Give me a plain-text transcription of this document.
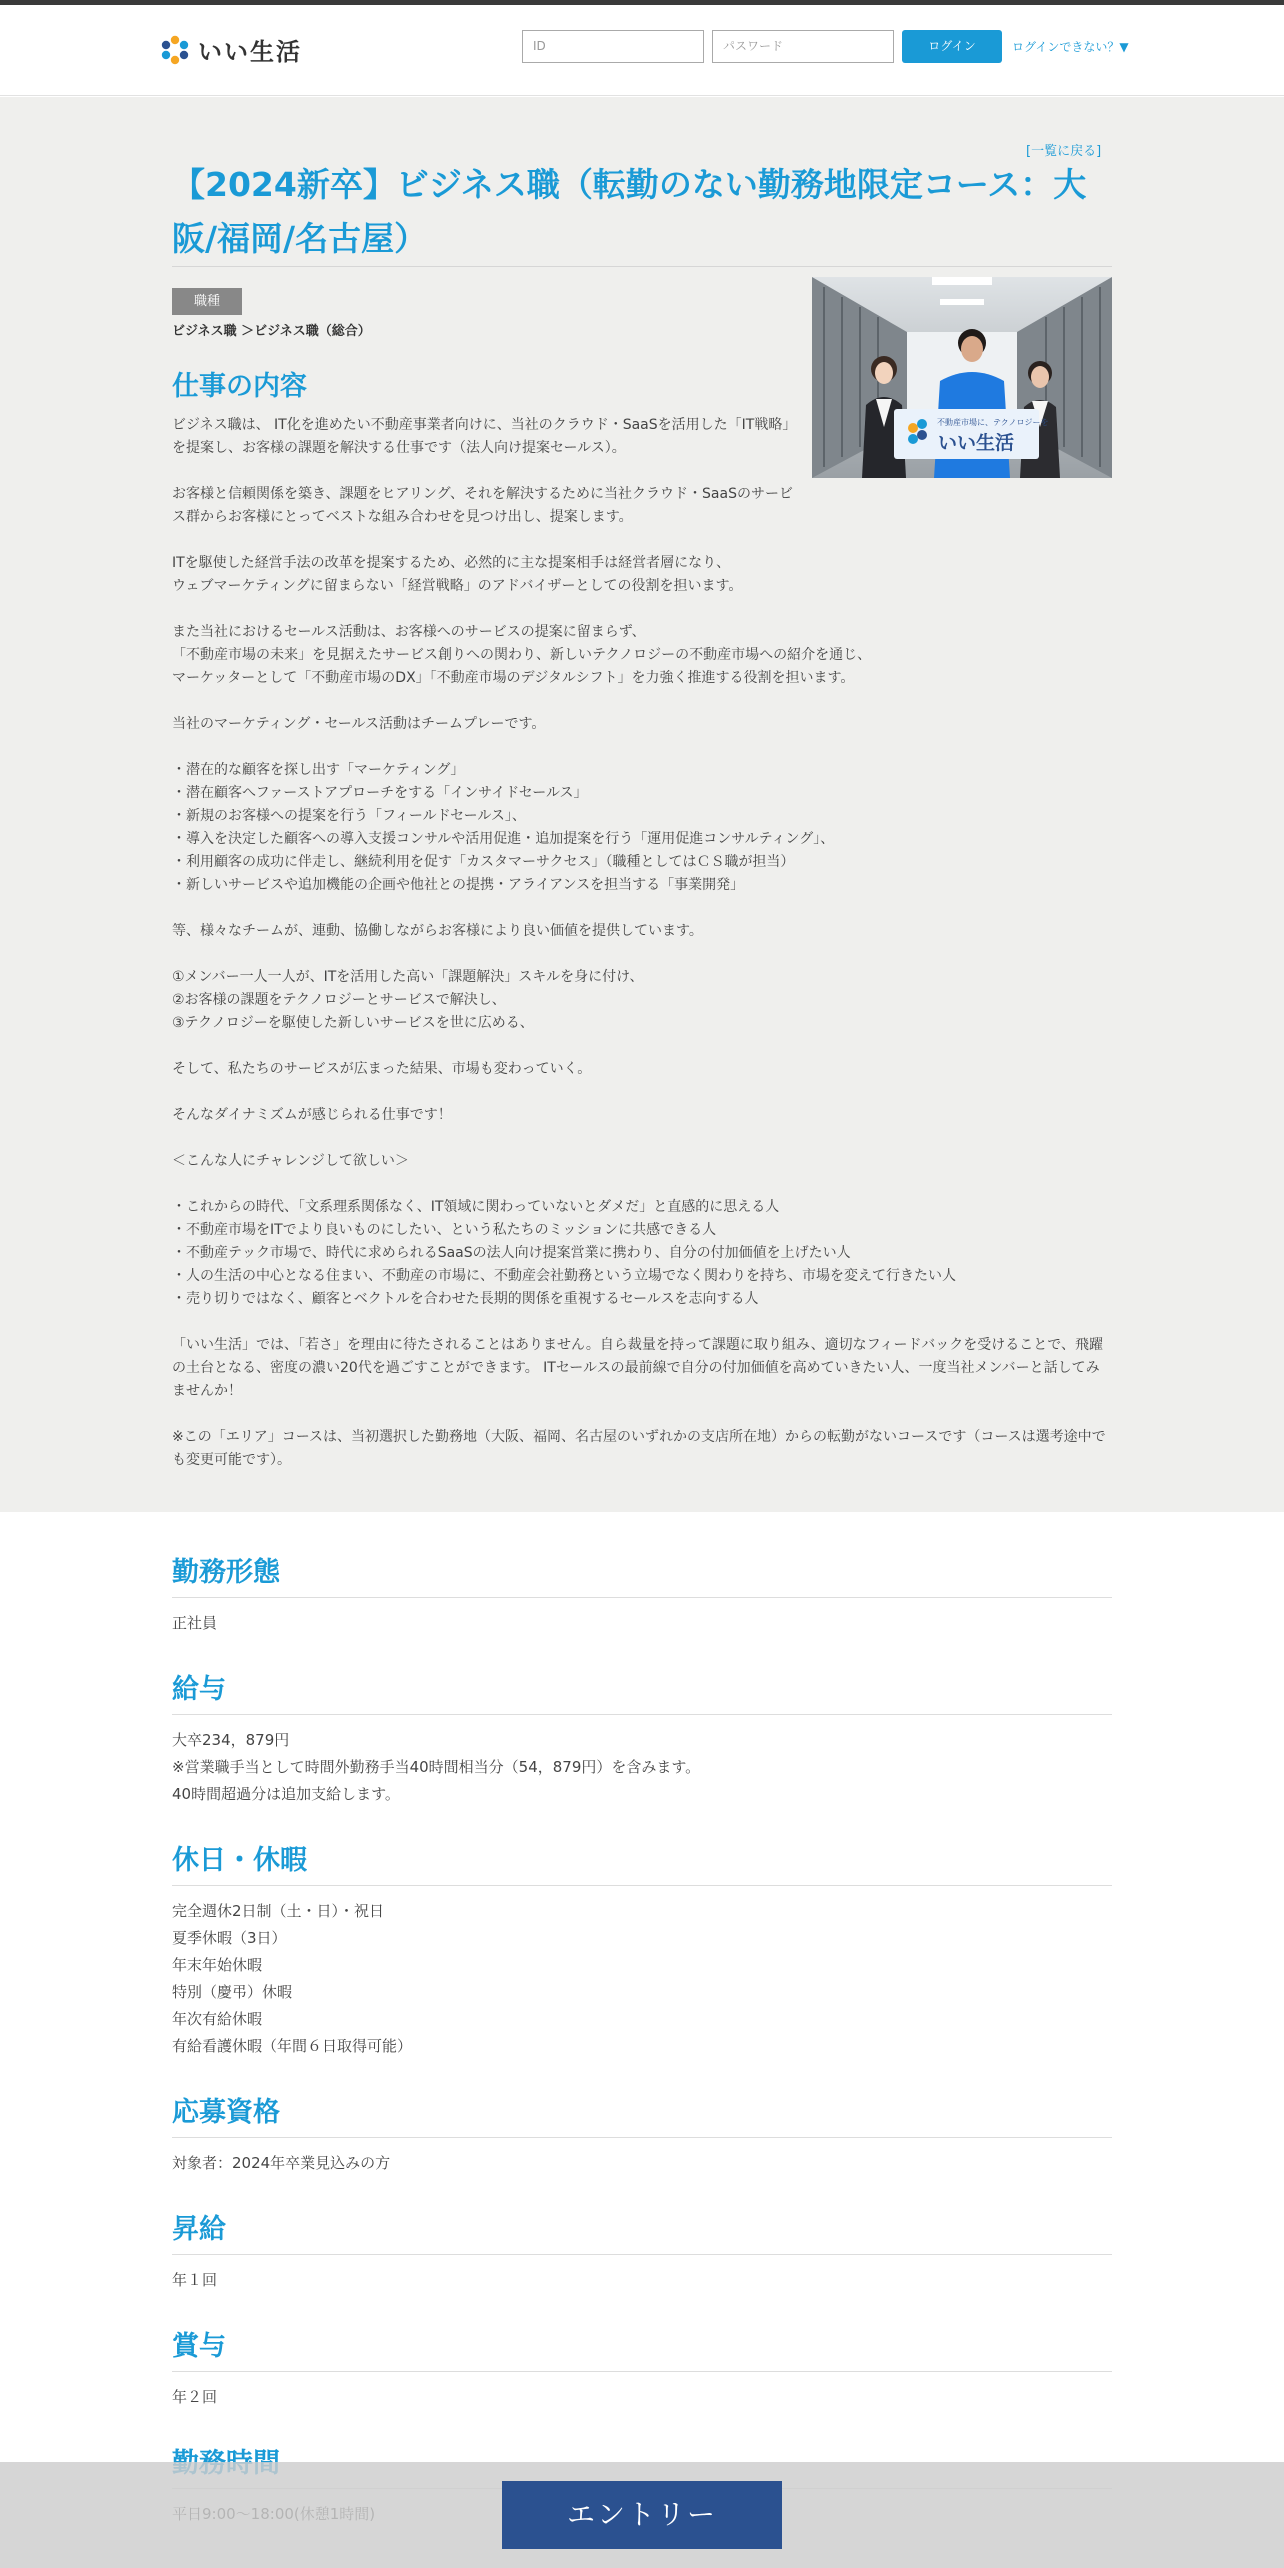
いい生活	ID	パスワード	ログイン	ログインできない？▼
[一覧に戻る]
【2024新卒】ビジネス職（転勤のない勤務地限定コース：大阪/福岡/名古屋）
職種
ビジネス職 ＞ビジネス職（総合）
不動産市場に、テクノロジーを
いい生活
仕事の内容
ビジネス職は、 IT化を進めたい不動産事業者向けに、当社のクラウド・SaaSを活用した「IT戦略」
を提案し、お客様の課題を解決する仕事です（法人向け提案セールス）。

お客様と信頼関係を築き、課題をヒアリング、それを解決するために当社クラウド・SaaSのサービ
ス群からお客様にとってベストな組み合わせを見つけ出し、提案します。

ITを駆使した経営手法の改革を提案するため、必然的に主な提案相手は経営者層になり、
ウェブマーケティングに留まらない「経営戦略」のアドバイザーとしての役割を担います。

また当社におけるセールス活動は、お客様へのサービスの提案に留まらず、
「不動産市場の未来」を見据えたサービス創りへの関わり、新しいテクノロジーの不動産市場への紹介を通じ、
マーケッターとして「不動産市場のDX」「不動産市場のデジタルシフト」を力強く推進する役割を担います。

当社のマーケティング・セールス活動はチームプレーです。

・潜在的な顧客を探し出す「マーケティング」
・潜在顧客へファーストアプローチをする「インサイドセールス」
・新規のお客様への提案を行う「フィールドセールス」、
・導入を決定した顧客への導入支援コンサルや活用促進・追加提案を行う「運用促進コンサルティング」、
・利用顧客の成功に伴走し、継続利用を促す「カスタマーサクセス」（職種としてはＣＳ職が担当）
・新しいサービスや追加機能の企画や他社との提携・アライアンスを担当する「事業開発」

等、様々なチームが、連動、協働しながらお客様により良い価値を提供しています。

①メンバー一人一人が、ITを活用した高い「課題解決」スキルを身に付け、
②お客様の課題をテクノロジーとサービスで解決し、
③テクノロジーを駆使した新しいサービスを世に広める、

そして、私たちのサービスが広まった結果、市場も変わっていく。

そんなダイナミズムが感じられる仕事です！

＜こんな人にチャレンジして欲しい＞

・これからの時代、「文系理系関係なく、IT領域に関わっていないとダメだ」と直感的に思える人
・不動産市場をITでより良いものにしたい、という私たちのミッションに共感できる人
・不動産テック市場で、時代に求められるSaaSの法人向け提案営業に携わり、自分の付加価値を上げたい人
・人の生活の中心となる住まい、不動産の市場に、不動産会社勤務という立場でなく関わりを持ち、市場を変えて行きたい人
・売り切りではなく、顧客とベクトルを合わせた長期的関係を重視するセールスを志向する人

「いい生活」では、「若さ」を理由に待たされることはありません。自ら裁量を持って課題に取り組み、適切なフィードバックを受けることで、飛躍
の土台となる、密度の濃い20代を過ごすことができます。 ITセールスの最前線で自分の付加価値を高めていきたい人、一度当社メンバーと話してみ
ませんか！

※この「エリア」コースは、当初選択した勤務地（大阪、福岡、名古屋のいずれかの支店所在地）からの転勤がないコースです（コースは選考途中で
も変更可能です）。
勤務形態
正社員
給与
大卒234，879円
※営業職手当として時間外勤務手当40時間相当分（54，879円）を含みます。
40時間超過分は追加支給します。
休日・休暇
完全週休2日制（土・日）・祝日
夏季休暇（3日）
年末年始休暇
特別（慶弔）休暇
年次有給休暇
有給看護休暇（年間６日取得可能）
応募資格
対象者：2024年卒業見込みの方
昇給
年１回
賞与
年２回
エントリー
